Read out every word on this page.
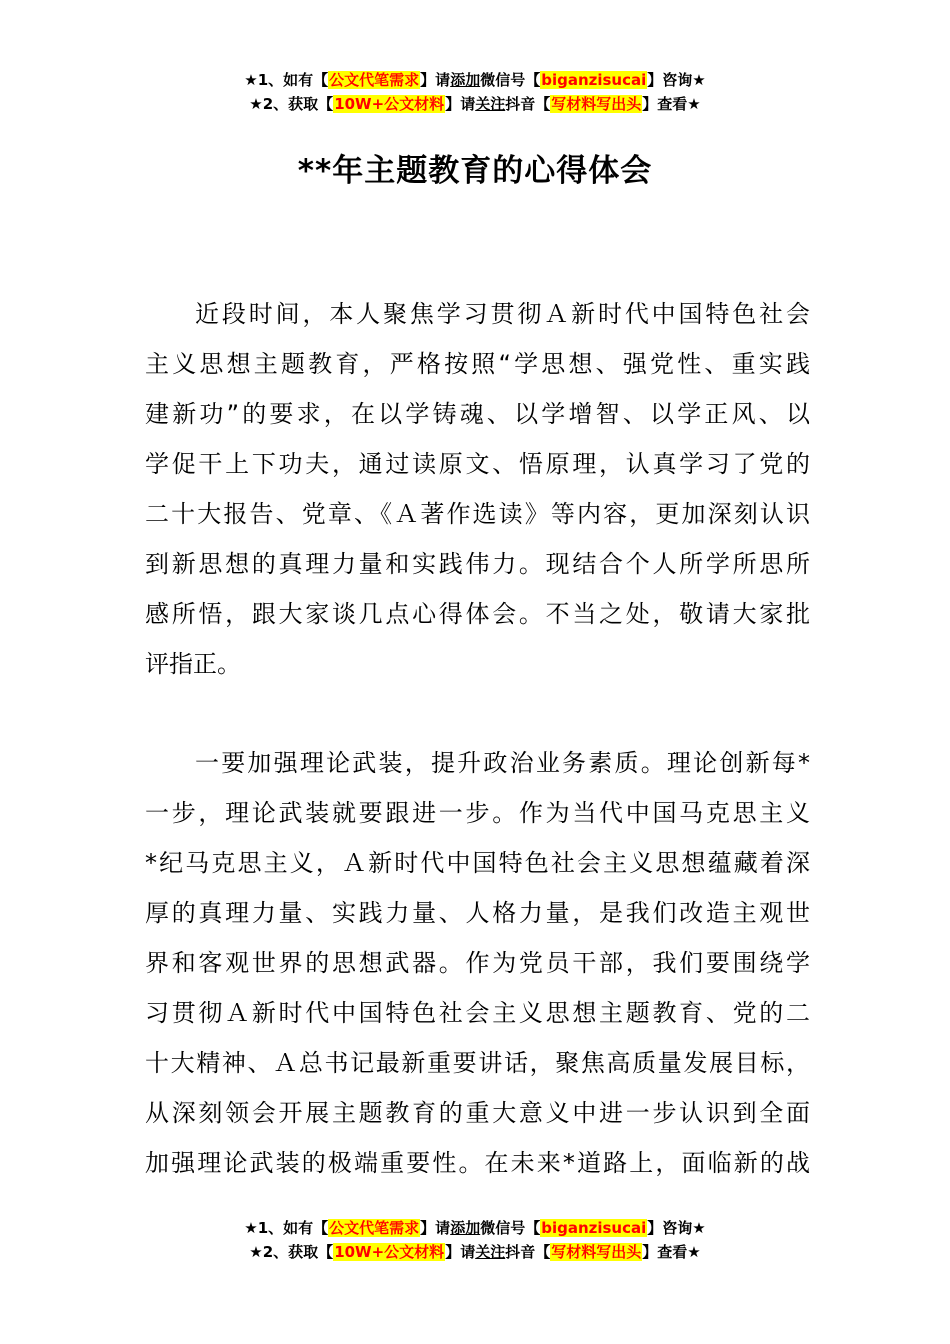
★1、如有【公文代笔需求】请添加微信号【biganzisucai】咨询★
★2、获取【10W+公文材料】请关注抖音【写材料写出头】查看★
**年主题教育的心得体会
近段时间，本人聚焦学习贯彻Ａ新时代中国特色社会
主义思想主题教育，严格按照“学思想、强党性、重实践
建新功”的要求，在以学铸魂、以学增智、以学正风、以
学促干上下功夫，通过读原文、悟原理，认真学习了党的
二十大报告、党章、《Ａ著作选读》等内容，更加深刻认识
到新思想的真理力量和实践伟力。现结合个人所学所思所
感所悟，跟大家谈几点心得体会。不当之处，敬请大家批
评指正。
一要加强理论武装，提升政治业务素质。理论创新每*
一步，理论武装就要跟进一步。作为当代中国马克思主义
*纪马克思主义，Ａ新时代中国特色社会主义思想蕴藏着深
厚的真理力量、实践力量、人格力量，是我们改造主观世
界和客观世界的思想武器。作为党员干部，我们要围绕学
习贯彻Ａ新时代中国特色社会主义思想主题教育、党的二
十大精神、Ａ总书记最新重要讲话，聚焦高质量发展目标，
从深刻领会开展主题教育的重大意义中进一步认识到全面
加强理论武装的极端重要性。在未来*道路上，面临新的战
★1、如有【公文代笔需求】请添加微信号【biganzisucai】咨询★
★2、获取【10W+公文材料】请关注抖音【写材料写出头】查看★
